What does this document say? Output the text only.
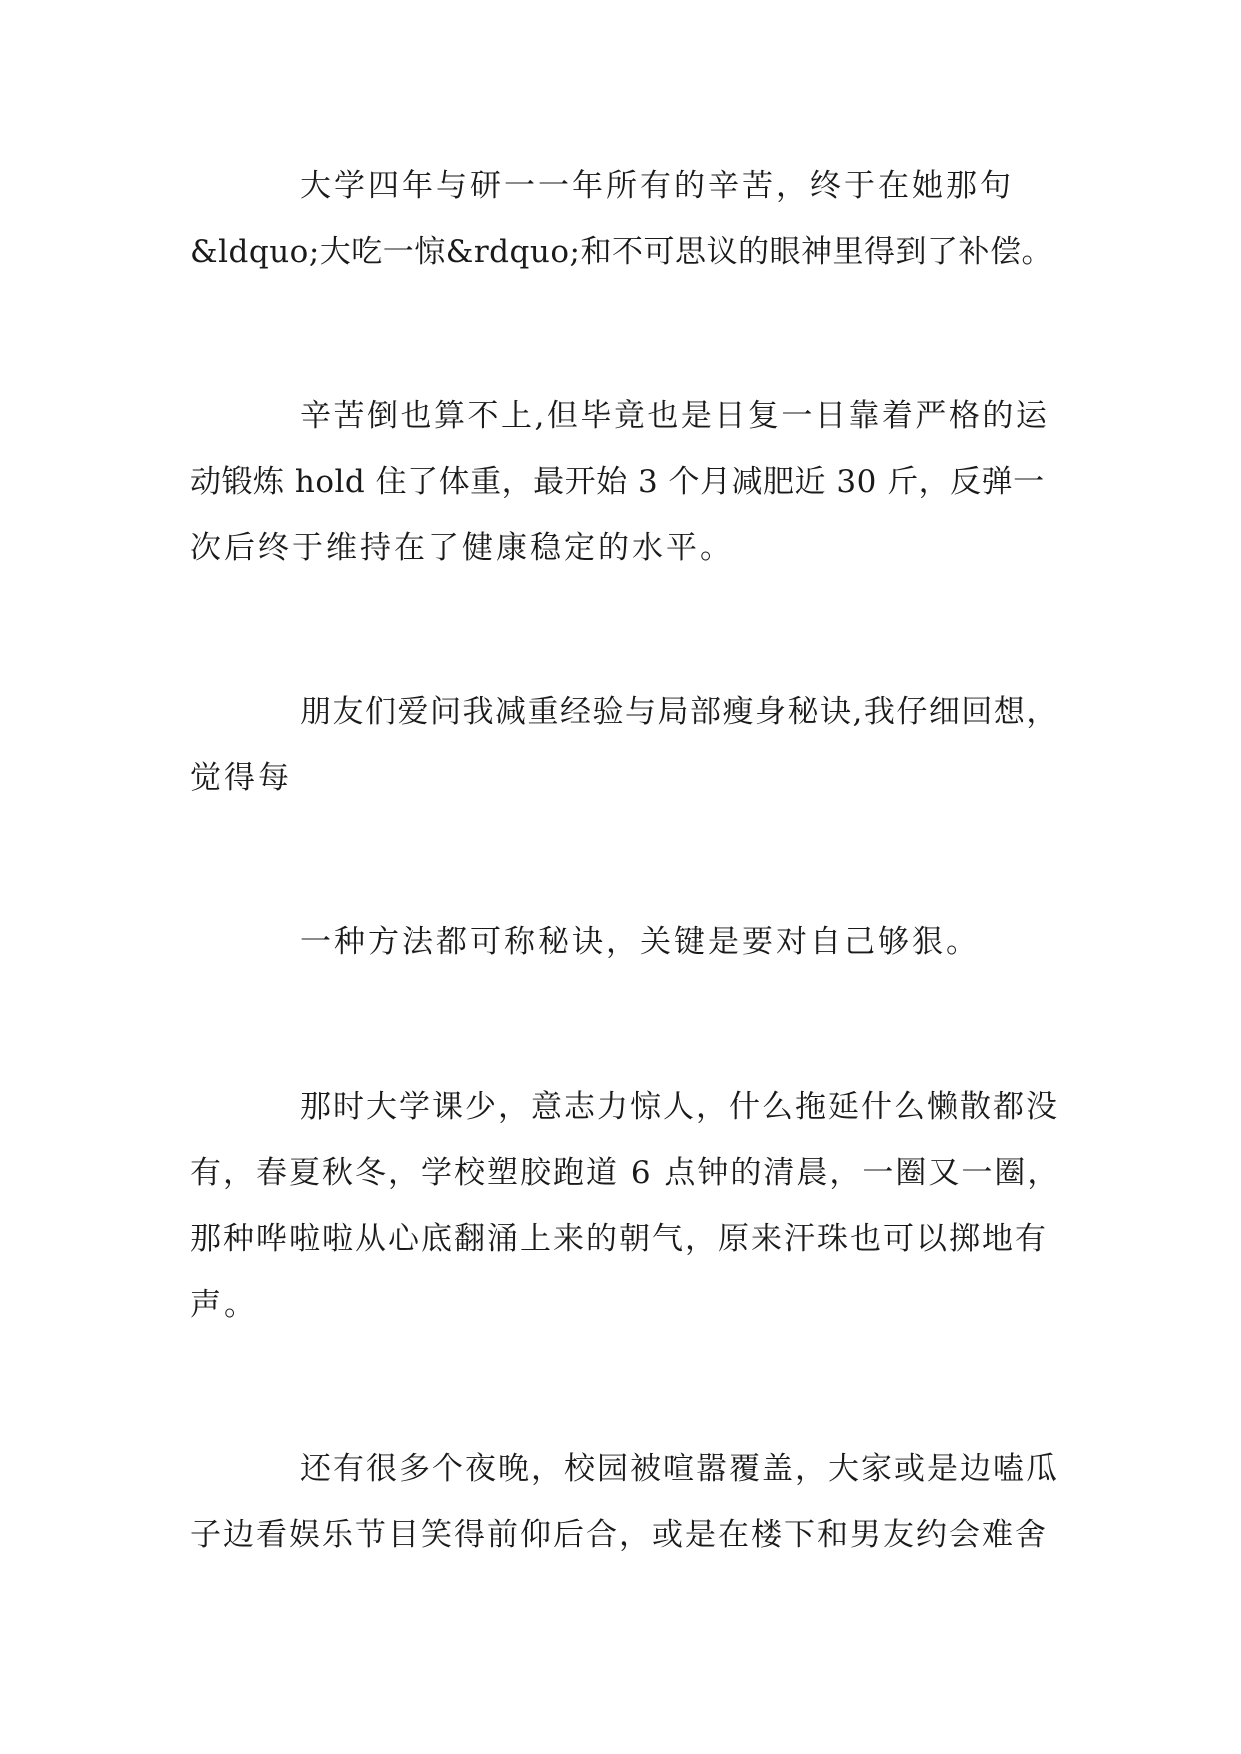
大学四年与研一一年所有的辛苦，终于在她那句
&ldquo;大吃一惊&rdquo;和不可思议的眼神里得到了补偿。
辛苦倒也算不上,但毕竟也是日复一日靠着严格的运
动锻炼 hold 住了体重，最开始 3 个月减肥近 30 斤，反弹一
次后终于维持在了健康稳定的水平。
朋友们爱问我减重经验与局部瘦身秘诀,我仔细回想，
觉得每
一种方法都可称秘诀，关键是要对自己够狠。
那时大学课少，意志力惊人，什么拖延什么懒散都没
有，春夏秋冬，学校塑胶跑道 6 点钟的清晨，一圈又一圈，
那种哗啦啦从心底翻涌上来的朝气，原来汗珠也可以掷地有
声。
还有很多个夜晚，校园被喧嚣覆盖，大家或是边嗑瓜
子边看娱乐节目笑得前仰后合，或是在楼下和男友约会难舍
